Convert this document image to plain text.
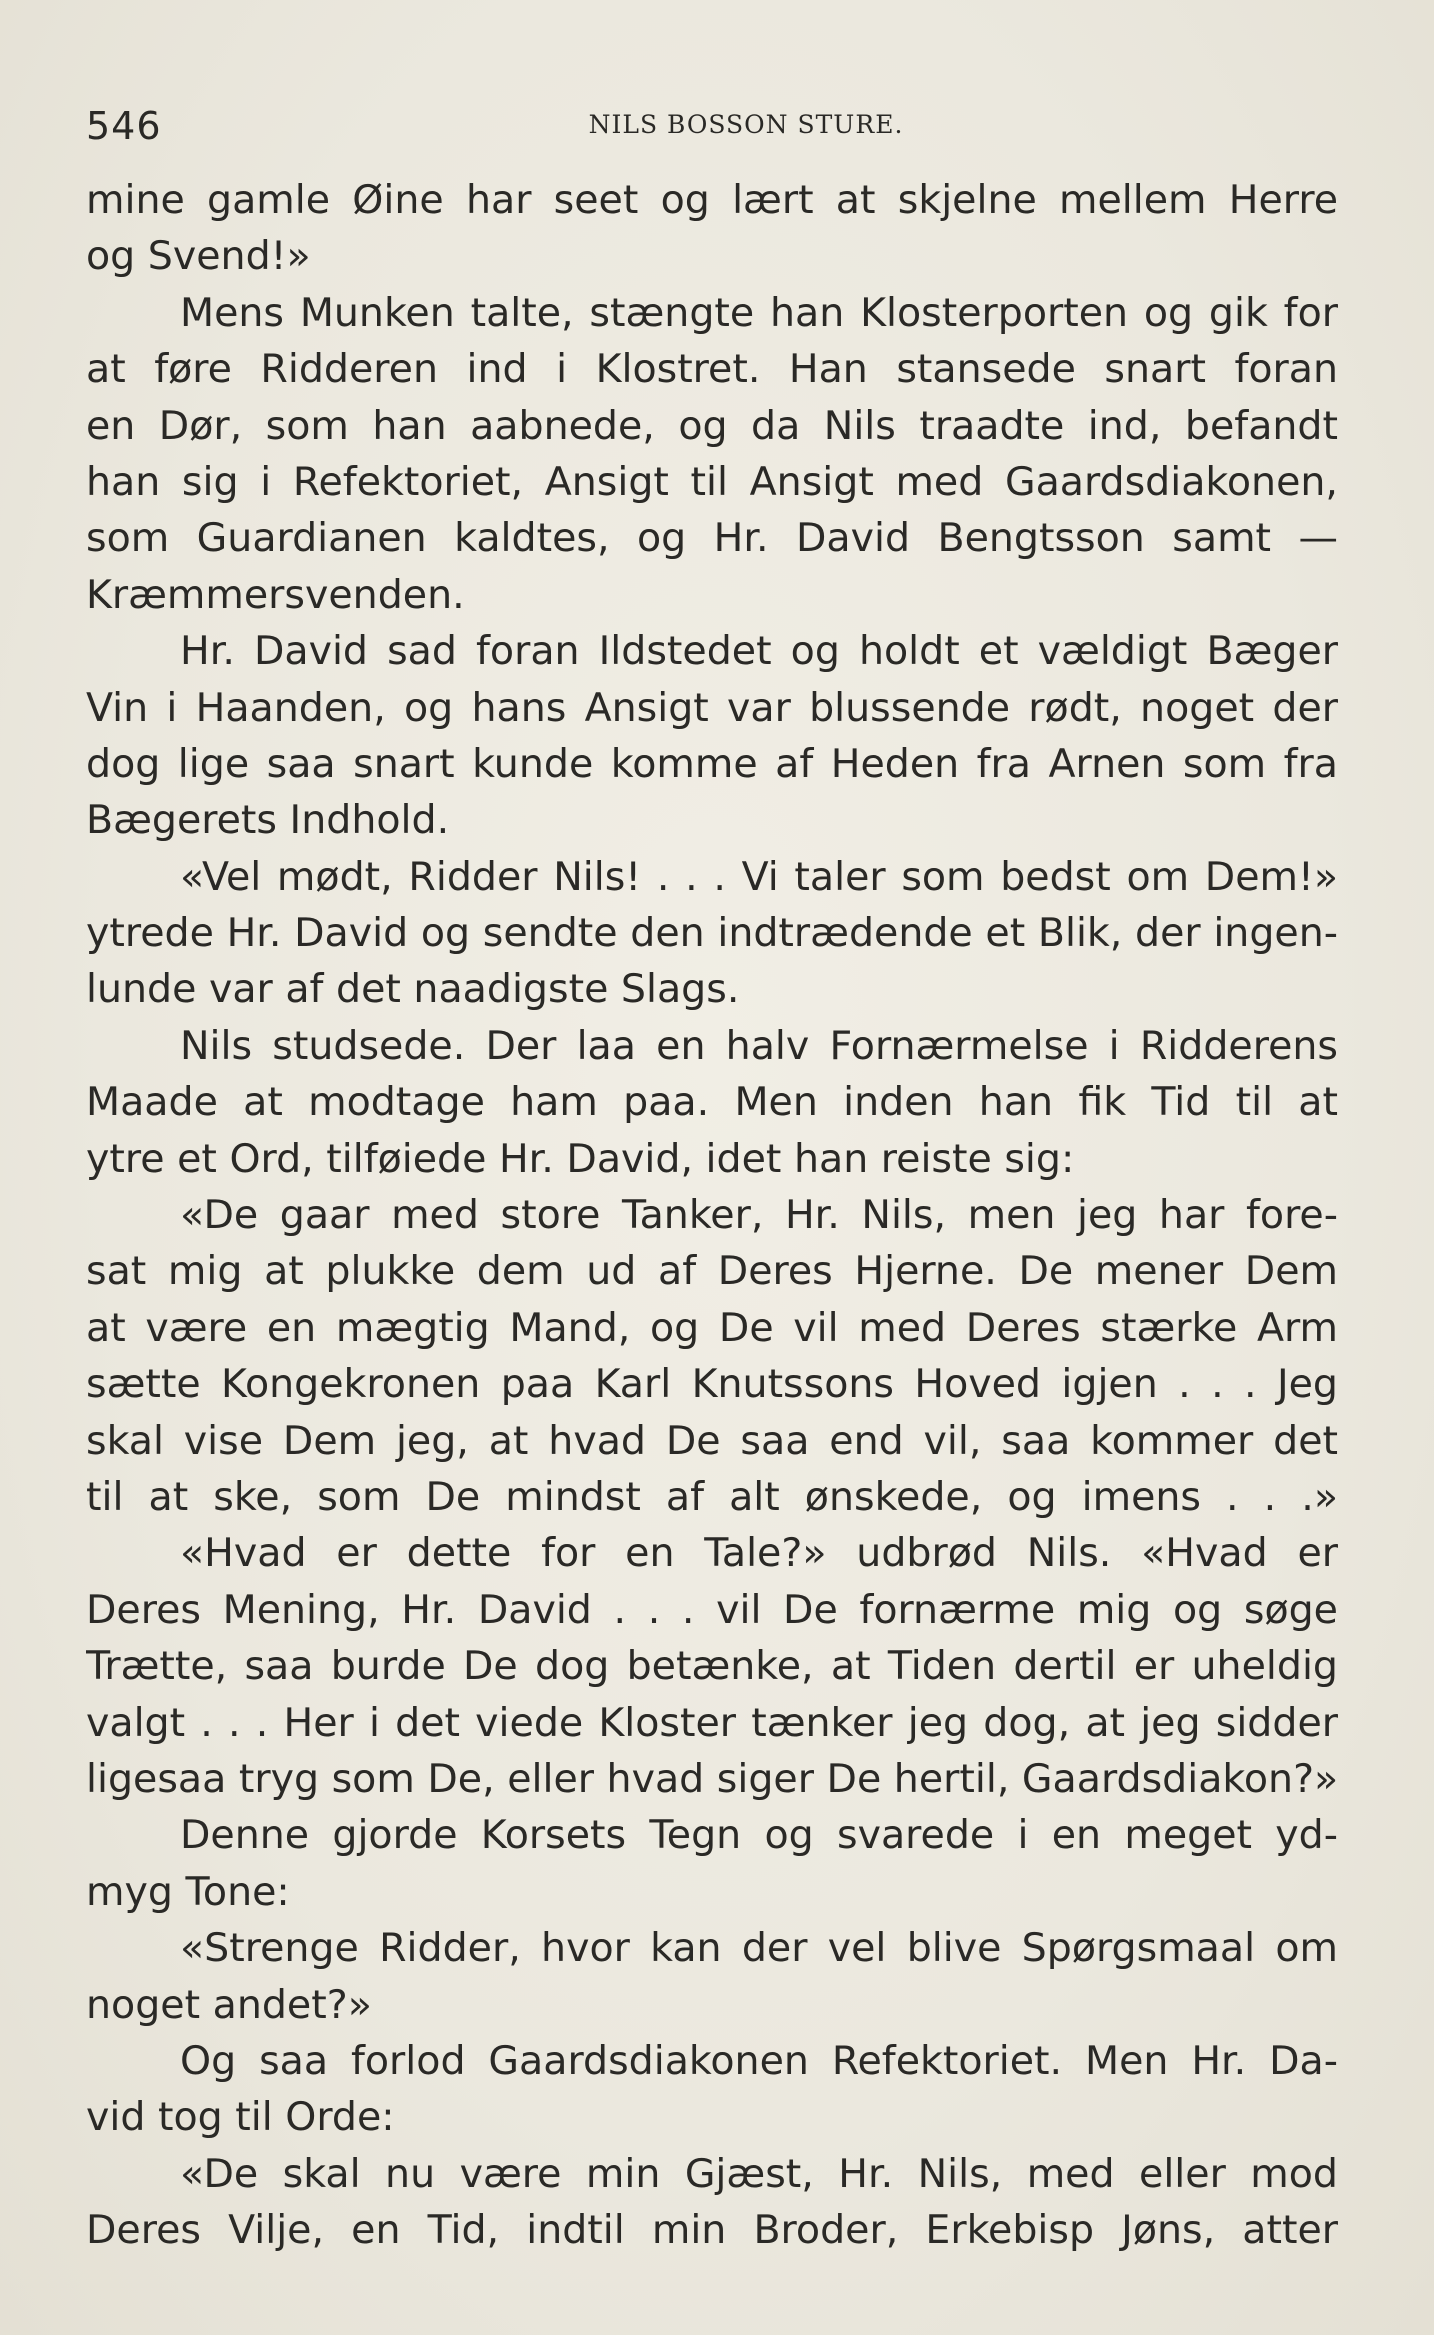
546	NILS BOSSON STURE.
mine gamle Øine har seet og lært at skjelne mellem Herre
og Svend!»
Mens Munken talte, stængte han Klosterporten og gik for
at føre Ridderen ind i Klostret. Han stansede snart foran
en Dør, som han aabnede, og da Nils traadte ind, befandt
han sig i Refektoriet, Ansigt til Ansigt med Gaardsdiakonen,
som Guardianen kaldtes, og Hr. David Bengtsson samt —
Kræmmersvenden.
Hr. David sad foran Ildstedet og holdt et vældigt Bæger
Vin i Haanden, og hans Ansigt var blussende rødt, noget der
dog lige saa snart kunde komme af Heden fra Arnen som fra
Bægerets Indhold.
«Vel mødt, Ridder Nils! . . . Vi taler som bedst om Dem!»
ytrede Hr. David og sendte den indtrædende et Blik, der ingen-
lunde var af det naadigste Slags.
Nils studsede. Der laa en halv Fornærmelse i Ridderens
Maade at modtage ham paa. Men inden han fik Tid til at
ytre et Ord, tilføiede Hr. David, idet han reiste sig:
«De gaar med store Tanker, Hr. Nils, men jeg har fore-
sat mig at plukke dem ud af Deres Hjerne. De mener Dem
at være en mægtig Mand, og De vil med Deres stærke Arm
sætte Kongekronen paa Karl Knutssons Hoved igjen . . . Jeg
skal vise Dem jeg, at hvad De saa end vil, saa kommer det
til at ske, som De mindst af alt ønskede, og imens . . .»
«Hvad er dette for en Tale?» udbrød Nils. «Hvad er
Deres Mening, Hr. David . . . vil De fornærme mig og søge
Trætte, saa burde De dog betænke, at Tiden dertil er uheldig
valgt . . . Her i det viede Kloster tænker jeg dog, at jeg sidder
ligesaa tryg som De, eller hvad siger De hertil, Gaardsdiakon?»
Denne gjorde Korsets Tegn og svarede i en meget yd-
myg Tone:
«Strenge Ridder, hvor kan der vel blive Spørgsmaal om
noget andet?»
Og saa forlod Gaardsdiakonen Refektoriet. Men Hr. Da-
vid tog til Orde:
«De skal nu være min Gjæst, Hr. Nils, med eller mod
Deres Vilje, en Tid, indtil min Broder, Erkebisp Jøns, atter
